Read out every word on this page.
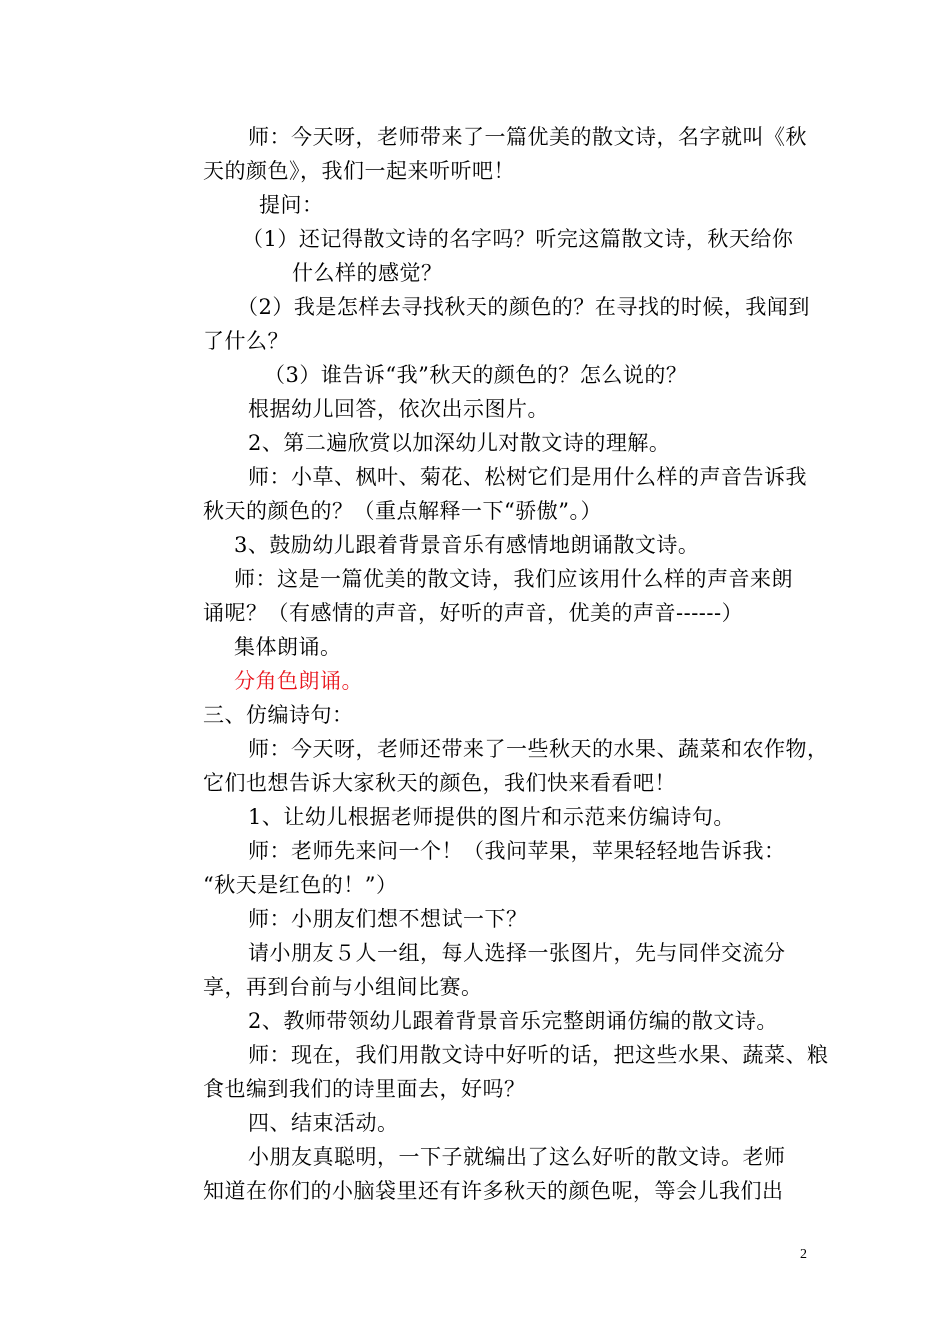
师：今天呀，老师带来了一篇优美的散文诗，名字就叫《秋
天的颜色》，我们一起来听听吧！
提问：
（1）还记得散文诗的名字吗？听完这篇散文诗，秋天给你
什么样的感觉？
（2）我是怎样去寻找秋天的颜色的？在寻找的时候，我闻到
了什么？
（3）谁告诉“我”秋天的颜色的？怎么说的？
根据幼儿回答，依次出示图片。
2、第二遍欣赏以加深幼儿对散文诗的理解。
师：小草、枫叶、菊花、松树它们是用什么样的声音告诉我
秋天的颜色的？（重点解释一下“骄傲”。）
3、鼓励幼儿跟着背景音乐有感情地朗诵散文诗。
师：这是一篇优美的散文诗，我们应该用什么样的声音来朗
诵呢？（有感情的声音，好听的声音，优美的声音------）
集体朗诵。
分角色朗诵。
三、仿编诗句：
师：今天呀，老师还带来了一些秋天的水果、蔬菜和农作物，
它们也想告诉大家秋天的颜色，我们快来看看吧！
1、让幼儿根据老师提供的图片和示范来仿编诗句。
师：老师先来问一个！（我问苹果，苹果轻轻地告诉我：
“秋天是红色的！”）
师：小朋友们想不想试一下？
请小朋友５人一组，每人选择一张图片，先与同伴交流分
享，再到台前与小组间比赛。
2、教师带领幼儿跟着背景音乐完整朗诵仿编的散文诗。
师：现在，我们用散文诗中好听的话，把这些水果、蔬菜、粮
食也编到我们的诗里面去，好吗？
四、结束活动。
小朋友真聪明，一下子就编出了这么好听的散文诗。老师
知道在你们的小脑袋里还有许多秋天的颜色呢，等会儿我们出
2
